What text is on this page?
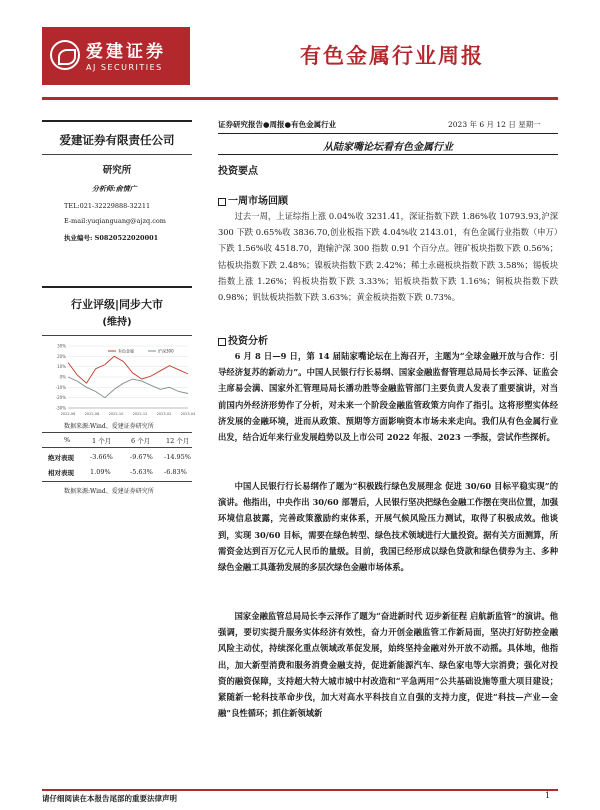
爱建证券
AJ SECURITIES	有色金属行业周报
爱建证券有限责任公司
研究所
分析师:俞情广
TEL:021-32229888-32211
E-mail:yuqianguang@ajzq.com
执业编号: S0820522020001
行业评级|同步大市
(维持)
30%
20%
10%
0%
-10%
-20%
-30%
2022-06	2022-08	2022-10	2022-12	2023-02	2023-04
有色金属	沪深300
数据来源:Wind、爱建证券研究所
%	1 个月	6 个月 12 个月
绝对表现 -3.66%	-9.67% -14.95%
相对表现 1.09%	-5.63% -6.83%
数据来源:Wind、爱建证券研究所
证券研究报告●周报●有色金属行业	2023 年 6 月 12 日 星期一
从陆家嘴论坛看有色金属行业
投资要点
一周市场回顾
过去一周，上证综指上涨 0.04%收 3231.41，深证指数下跌 1.86%收 10793.93,沪深 300 下跌 0.65%收 3836.70,创业板指下跌 4.04%收 2143.01，有色金属行业指数（申万）下跌 1.56%收 4518.70，跑输沪深 300 指数 0.91 个百分点。锂矿板块指数下跌 0.56%；钴板块指数下跌 2.48%；镍板块指数下跌 2.42%；稀土永磁板块指数下跌 3.58%；锡板块指数上涨 1.26%；钨板块指数下跌 3.33%；铝板块指数下跌 1.16%；铜板块指数下跌 0.98%；钒钛板块指数下跌 3.63%；黄金板块指数下跌 0.73%。
投资分析
6 月 8 日—9 日，第 14 届陆家嘴论坛在上海召开，主题为“全球金融开放与合作：引导经济复苏的新动力”。中国人民银行行长易纲、国家金融监督管理总局局长李云泽、证监会主席易会满、国家外汇管理局局长潘功胜等金融监管部门主要负责人发表了重要演讲，对当前国内外经济形势作了分析，对未来一个阶段金融监管政策方向作了指引。这将形塑实体经济发展的金融环境，进而从政策、预期等方面影响资本市场未来走向。我们从有色金属行业出发，结合近年来行业发展趋势以及上市公司 2022 年报、2023 一季报，尝试作些探析。
中国人民银行行长易纲作了题为“积极践行绿色发展理念 促进 30/60 目标平稳实现”的演讲。他指出，中央作出 30/60 部署后，人民银行坚决把绿色金融工作摆在突出位置，加强环境信息披露，完善政策激励约束体系，开展气候风险压力测试，取得了积极成效。他谈到，实现 30/60 目标，需要在绿色转型、绿色技术领域进行大量投资。据有关方面测算，所需资金达到百万亿元人民币的量级。目前，我国已经形成以绿色贷款和绿色债券为主、多种绿色金融工具蓬勃发展的多层次绿色金融市场体系。
国家金融监管总局局长李云泽作了题为“奋进新时代 迈步新征程 启航新监管”的演讲。他强调，要切实提升服务实体经济有效性，奋力开创金融监管工作新局面，坚决打好防控金融风险主动仗，持续深化重点领域改革促发展，始终坚持金融对外开放不动摇。具体地，他指出，加大新型消费和服务消费金融支持，促进新能源汽车、绿色家电等大宗消费；强化对投资的融资保障，支持超大特大城市城中村改造和“平急两用”公共基础设施等重大项目建设；紧随新一轮科技革命步伐，加大对高水平科技自立自强的支持力度，促进“科技—产业—金融”良性循环；抓住新领域新
请仔细阅读在本报告尾部的重要法律声明	1
